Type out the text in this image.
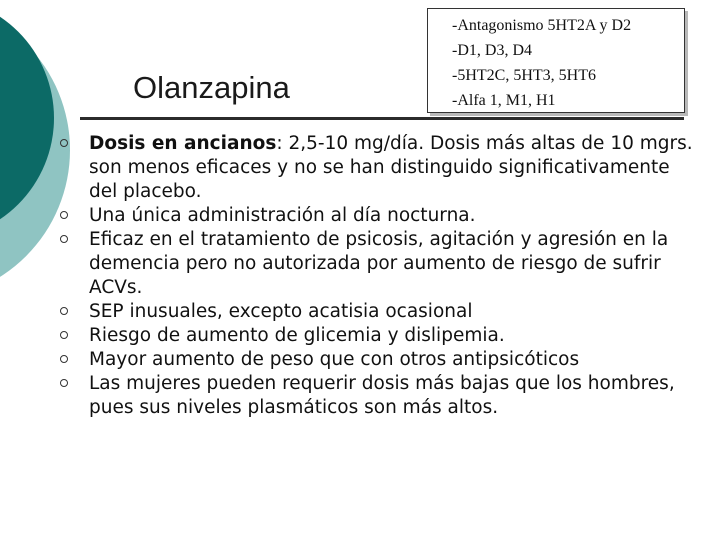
Olanzapina
-Antagonismo 5HT2A y D2
-D1, D3, D4
-5HT2C, 5HT3, 5HT6
-Alfa 1, M1, H1
Dosis en ancianos: 2,5-10 mg/día. Dosis más altas de 10 mgrs. son menos eficaces y no se han distinguido significativamente del placebo.
Una única administración al día nocturna.
Eficaz en el tratamiento de psicosis, agitación y agresión en la demencia pero no autorizada por aumento de riesgo de sufrir ACVs.
SEP inusuales, excepto acatisia ocasional
Riesgo de aumento de glicemia y dislipemia.
Mayor aumento de peso que con otros antipsicóticos
Las mujeres pueden requerir dosis más bajas que los hombres, pues sus niveles plasmáticos son más altos.
